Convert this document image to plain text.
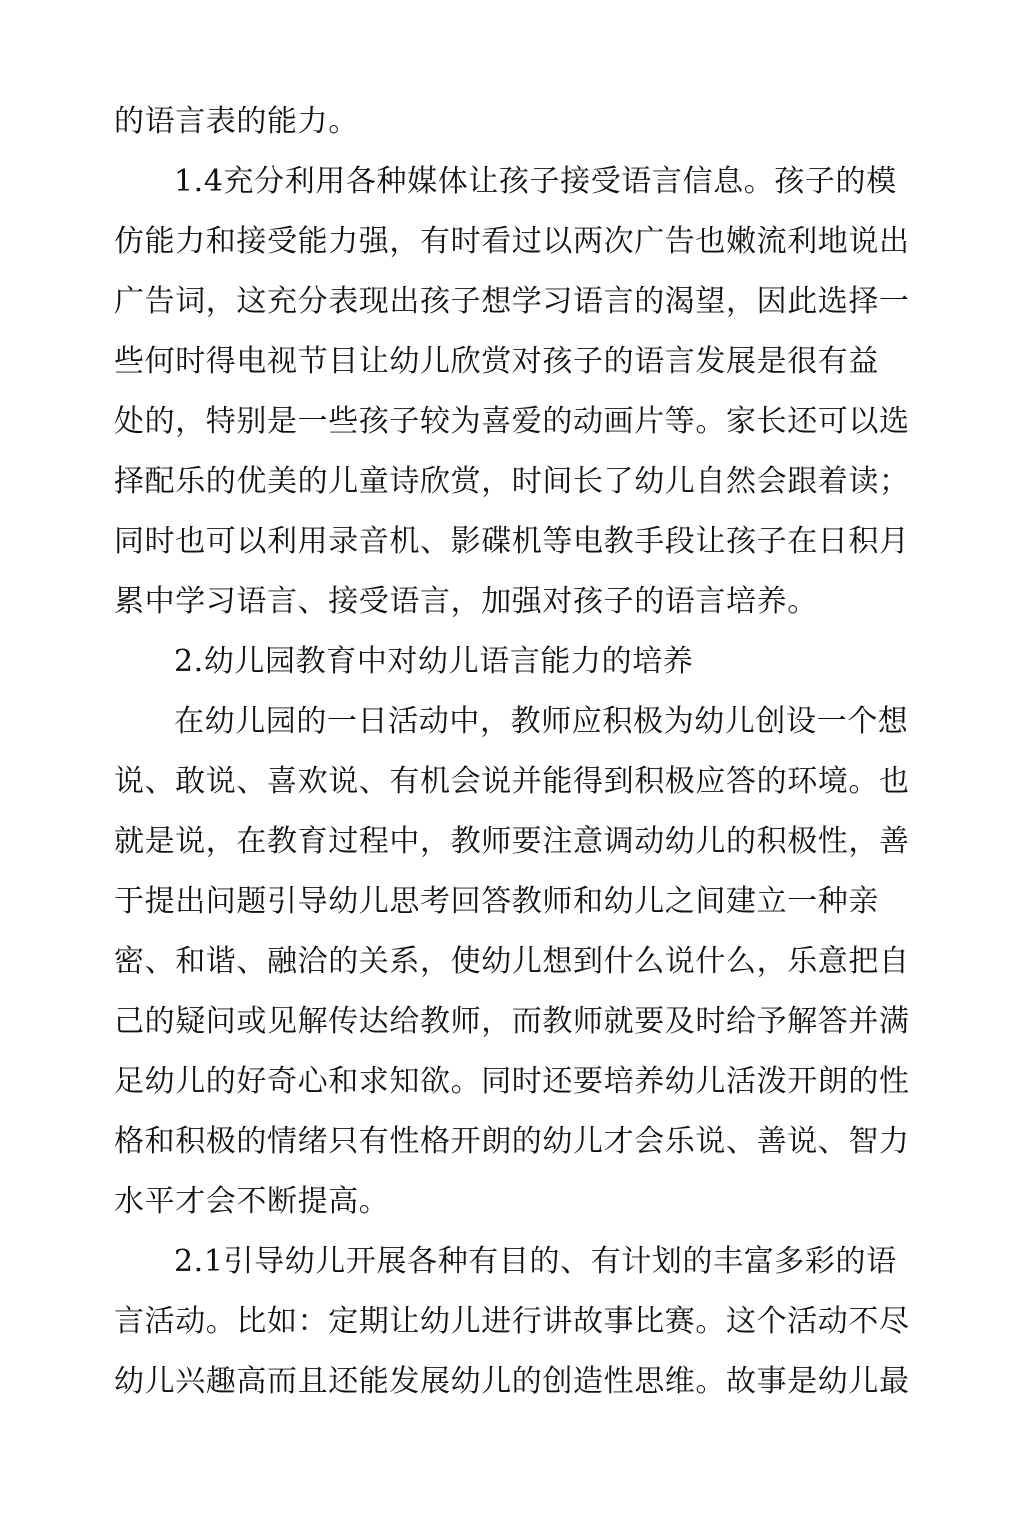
的语言表的能力。
1.4充分利用各种媒体让孩子接受语言信息。孩子的模
仿能力和接受能力强，有时看过以两次广告也嫩流利地说出
广告词，这充分表现出孩子想学习语言的渴望，因此选择一
些何时得电视节目让幼儿欣赏对孩子的语言发展是很有益
处的，特别是一些孩子较为喜爱的动画片等。家长还可以选
择配乐的优美的儿童诗欣赏，时间长了幼儿自然会跟着读；
同时也可以利用录音机、影碟机等电教手段让孩子在日积月
累中学习语言、接受语言，加强对孩子的语言培养。
2.幼儿园教育中对幼儿语言能力的培养
在幼儿园的一日活动中，教师应积极为幼儿创设一个想
说、敢说、喜欢说、有机会说并能得到积极应答的环境。也
就是说，在教育过程中，教师要注意调动幼儿的积极性，善
于提出问题引导幼儿思考回答教师和幼儿之间建立一种亲
密、和谐、融洽的关系，使幼儿想到什么说什么，乐意把自
己的疑问或见解传达给教师，而教师就要及时给予解答并满
足幼儿的好奇心和求知欲。同时还要培养幼儿活泼开朗的性
格和积极的情绪只有性格开朗的幼儿才会乐说、善说、智力
水平才会不断提高。
2.1引导幼儿开展各种有目的、有计划的丰富多彩的语
言活动。比如：定期让幼儿进行讲故事比赛。这个活动不尽
幼儿兴趣高而且还能发展幼儿的创造性思维。故事是幼儿最
